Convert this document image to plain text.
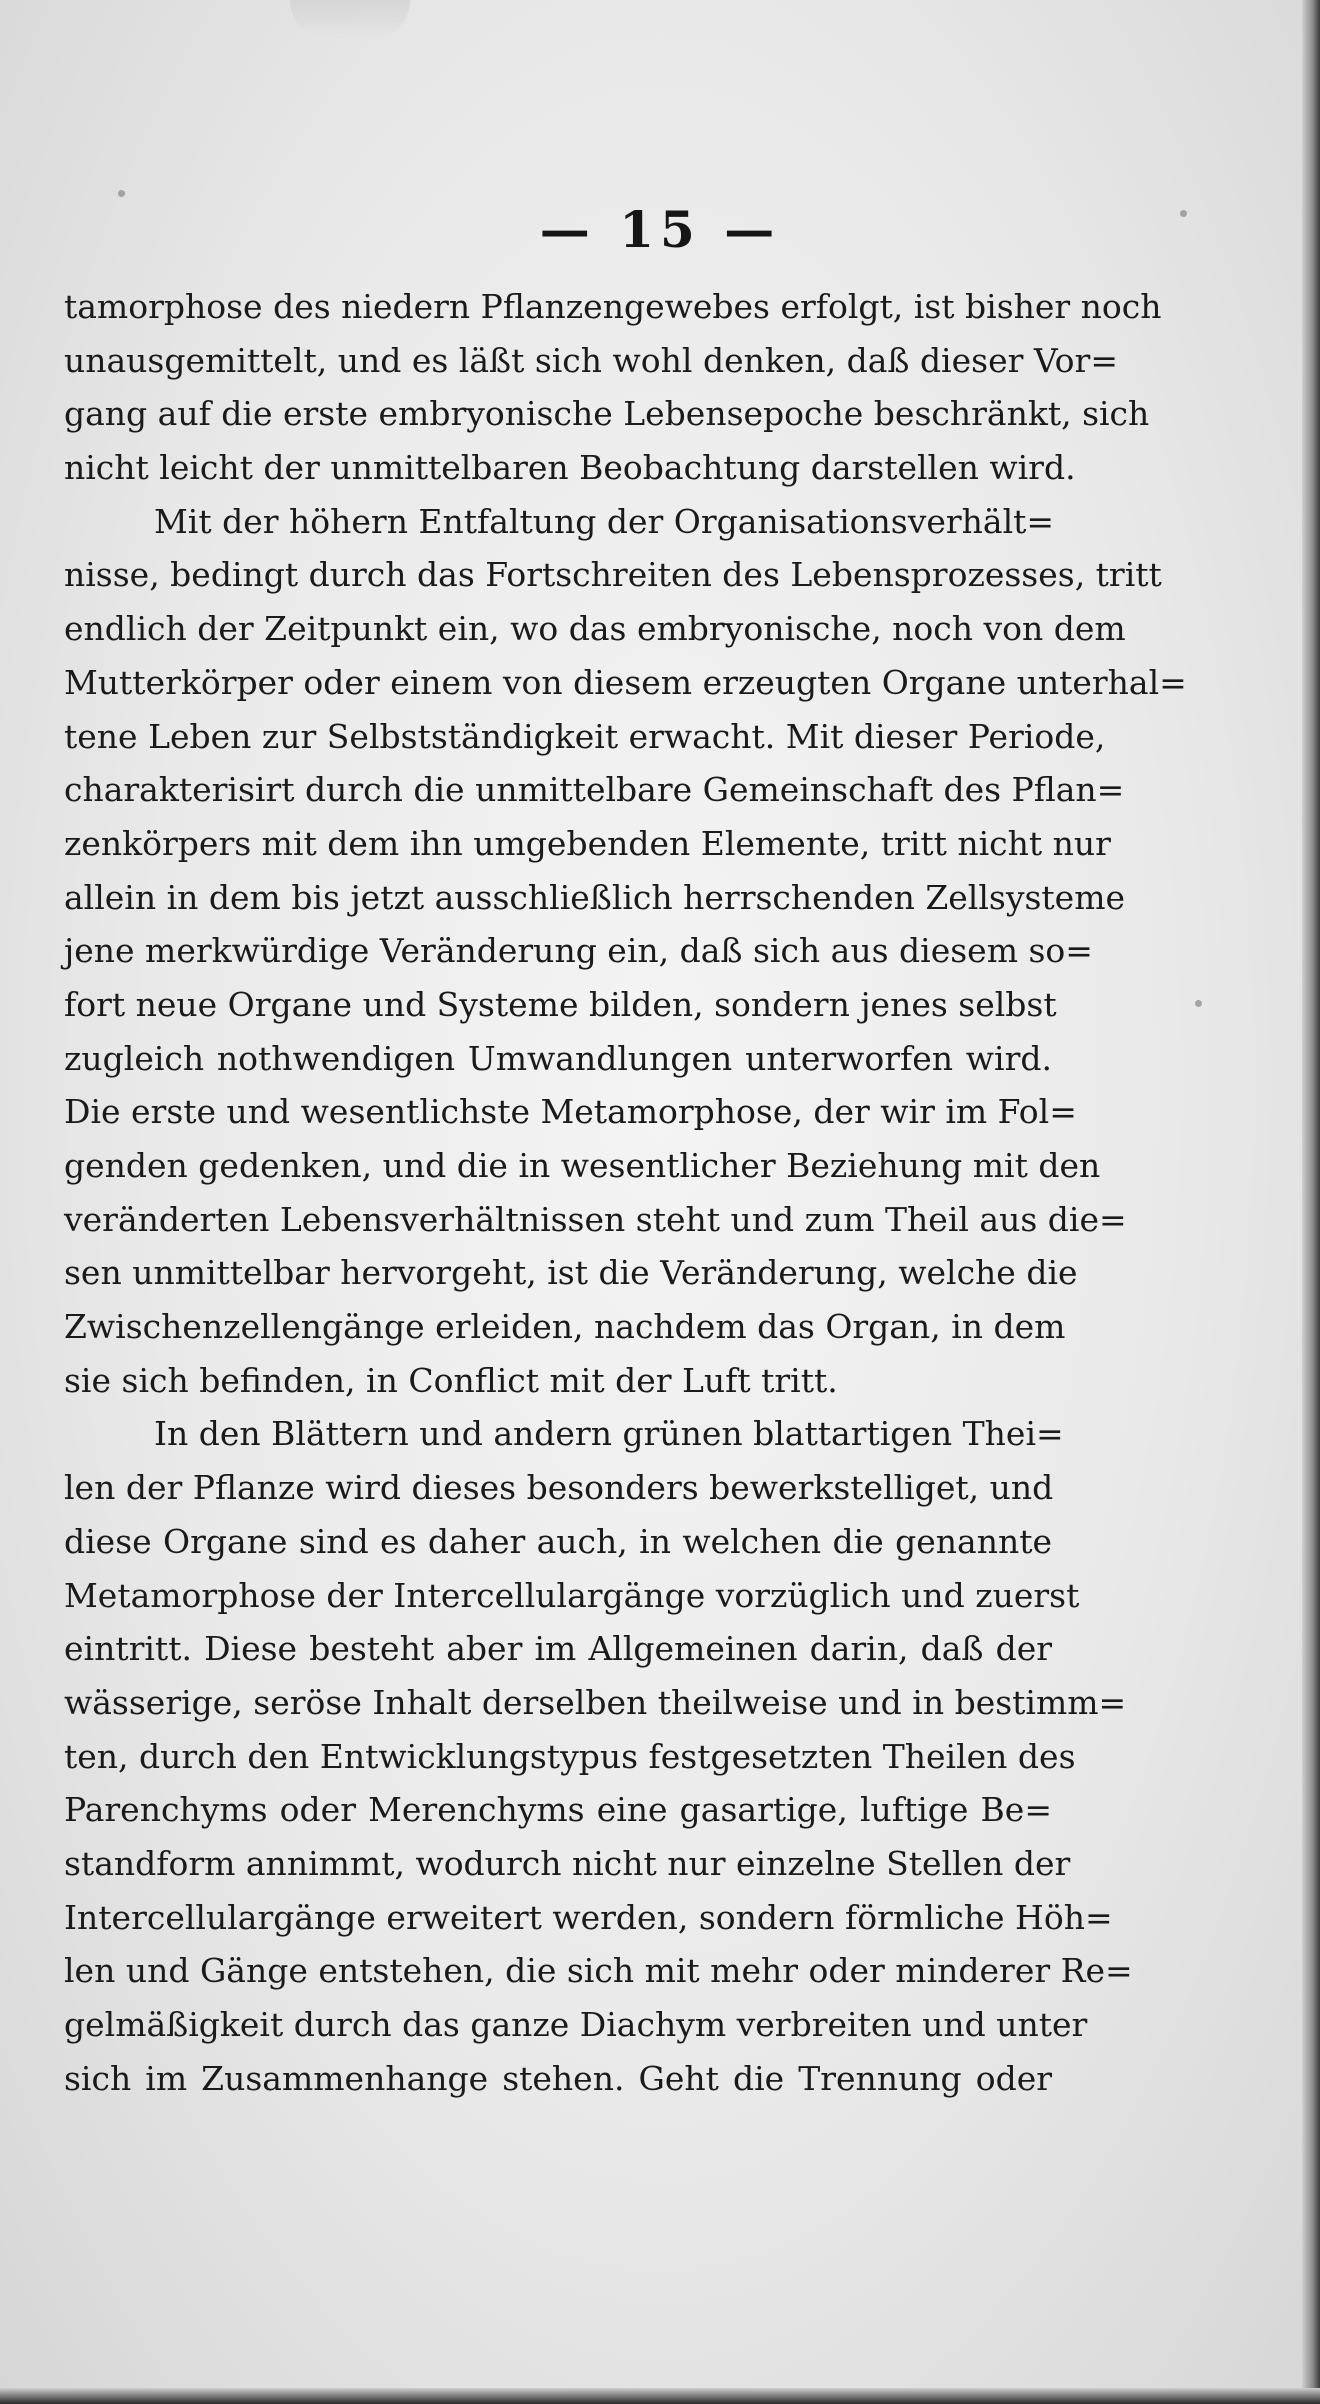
— 15 —
tamorphose des niedern Pflanzengewebes erfolgt, ist bisher noch
unausgemittelt, und es läßt sich wohl denken, daß dieser Vor=
gang auf die erste embryonische Lebensepoche beschränkt, sich
nicht leicht der unmittelbaren Beobachtung darstellen wird.
Mit der höhern Entfaltung der Organisationsverhält=
nisse, bedingt durch das Fortschreiten des Lebensprozesses, tritt
endlich der Zeitpunkt ein, wo das embryonische, noch von dem
Mutterkörper oder einem von diesem erzeugten Organe unterhal=
tene Leben zur Selbstständigkeit erwacht. Mit dieser Periode,
charakterisirt durch die unmittelbare Gemeinschaft des Pflan=
zenkörpers mit dem ihn umgebenden Elemente, tritt nicht nur
allein in dem bis jetzt ausschließlich herrschenden Zellsysteme
jene merkwürdige Veränderung ein, daß sich aus diesem so=
fort neue Organe und Systeme bilden, sondern jenes selbst
zugleich nothwendigen Umwandlungen unterworfen wird.
Die erste und wesentlichste Metamorphose, der wir im Fol=
genden gedenken, und die in wesentlicher Beziehung mit den
veränderten Lebensverhältnissen steht und zum Theil aus die=
sen unmittelbar hervorgeht, ist die Veränderung, welche die
Zwischenzellengänge erleiden, nachdem das Organ, in dem
sie sich befinden, in Conflict mit der Luft tritt.
In den Blättern und andern grünen blattartigen Thei=
len der Pflanze wird dieses besonders bewerkstelliget, und
diese Organe sind es daher auch, in welchen die genannte
Metamorphose der Intercellulargänge vorzüglich und zuerst
eintritt. Diese besteht aber im Allgemeinen darin, daß der
wässerige, seröse Inhalt derselben theilweise und in bestimm=
ten, durch den Entwicklungstypus festgesetzten Theilen des
Parenchyms oder Merenchyms eine gasartige, luftige Be=
standform annimmt, wodurch nicht nur einzelne Stellen der
Intercellulargänge erweitert werden, sondern förmliche Höh=
len und Gänge entstehen, die sich mit mehr oder minderer Re=
gelmäßigkeit durch das ganze Diachym verbreiten und unter
sich im Zusammenhange stehen. Geht die Trennung oder
